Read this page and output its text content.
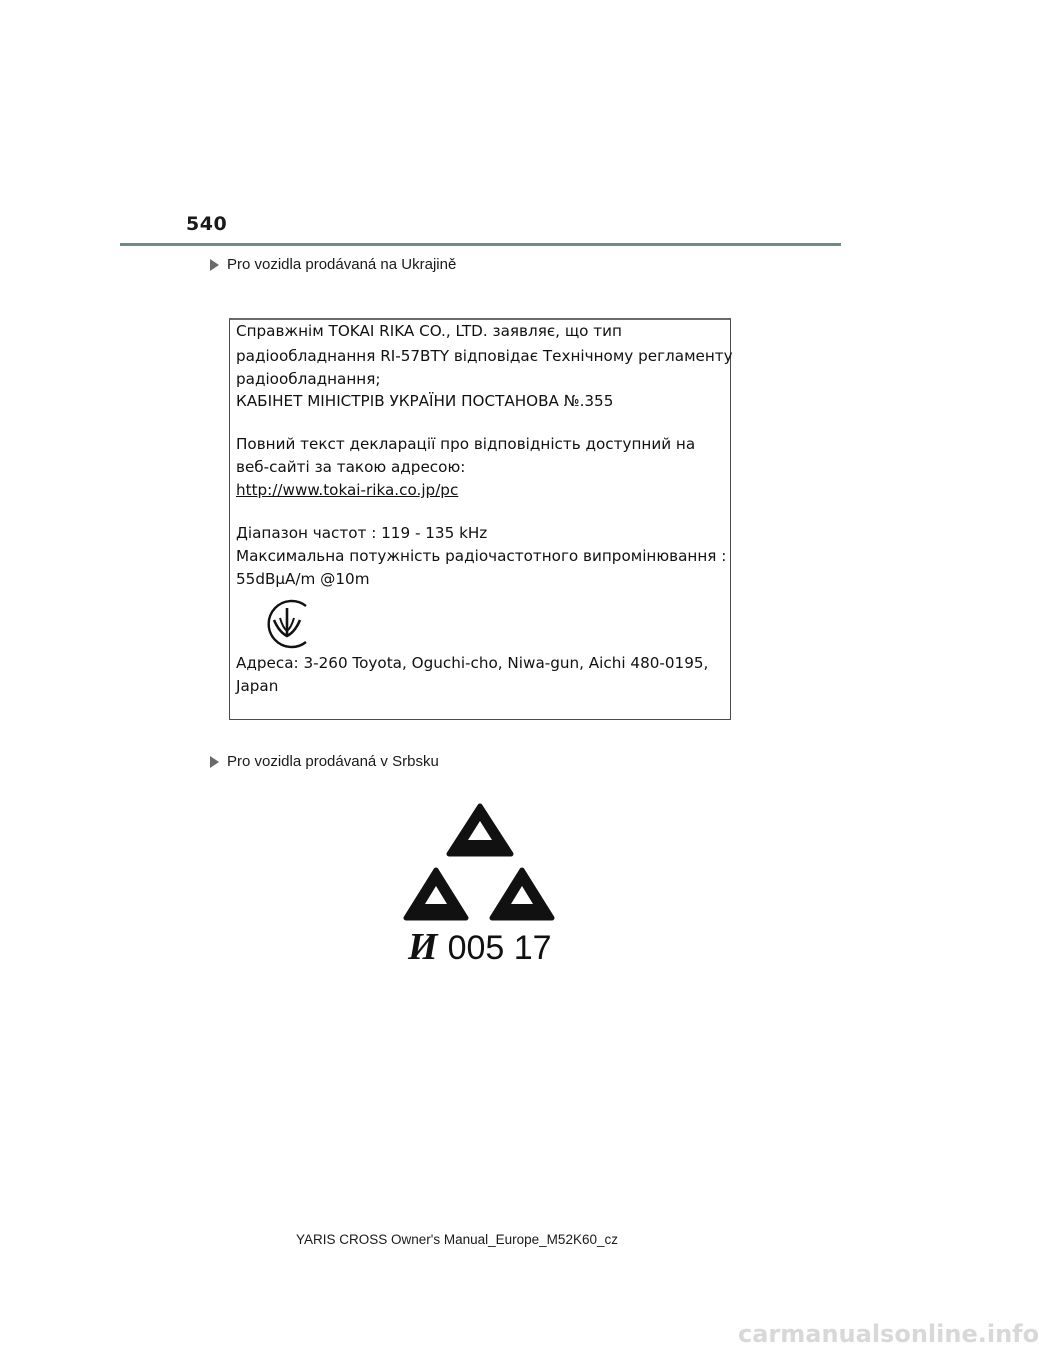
540
Pro vozidla prodávaná na Ukrajině
Справжнім TOKAI RIKA CO., LTD. заявляє, що тип
радіообладнання RI-57BTY відповідає Технічному регламенту
радіообладнання;
КАБІНЕТ МІНІСТРІВ УКРАЇНИ ПОСТАНОВА №.355
Повний текст декларації про відповідність доступний на
веб-сайті за такою адресою:
http://www.tokai-rika.co.jp/pc
Діапазон частот : 119 - 135 kHz
Максимальна потужність радіочастотного випромінювання :
55dBμA/m @10m
Адреса: 3-260 Toyota, Oguchi-cho, Niwa-gun, Aichi 480-0195,
Japan
Pro vozidla prodávaná v Srbsku
И 005 17
YARIS CROSS Owner's Manual_Europe_M52K60_cz
carmanualsonline.info
